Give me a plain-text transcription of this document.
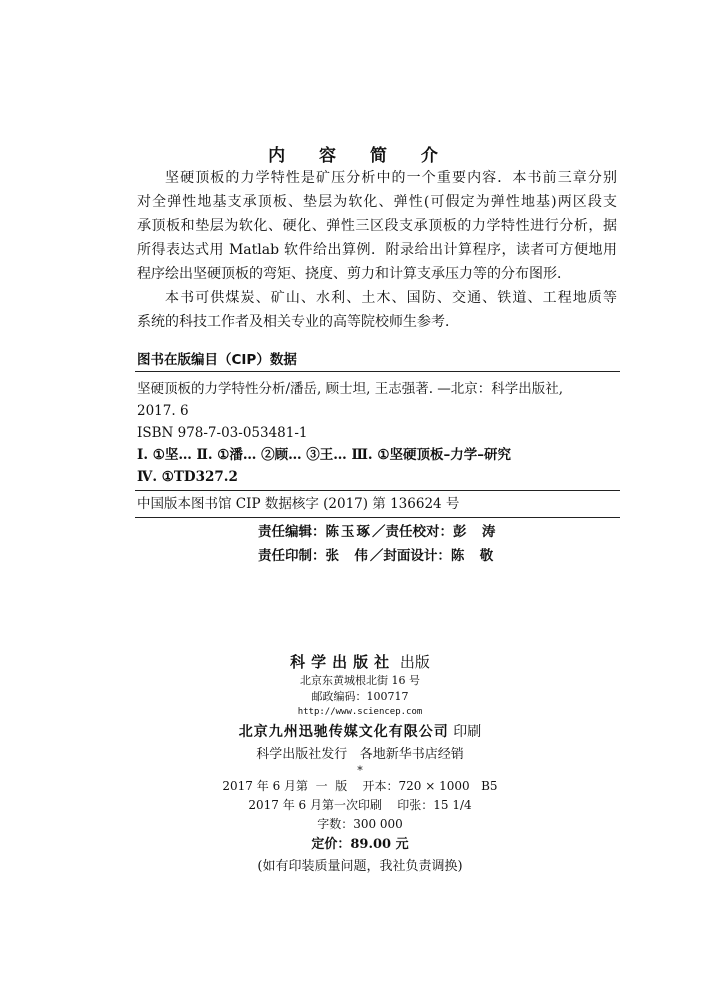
内 容 简 介
坚硬顶板的力学特性是矿压分析中的一个重要内容．本书前三章分别
对全弹性地基支承顶板、垫层为软化、弹性(可假定为弹性地基)两区段支
承顶板和垫层为软化、硬化、弹性三区段支承顶板的力学特性进行分析，据
所得表达式用 Matlab 软件给出算例．附录给出计算程序，读者可方便地用
程序绘出坚硬顶板的弯矩、挠度、剪力和计算支承压力等的分布图形．
本书可供煤炭、矿山、水利、土木、国防、交通、铁道、工程地质等
系统的科技工作者及相关专业的高等院校师生参考．
图书在版编目（CIP）数据
坚硬顶板的力学特性分析/潘岳, 顾士坦, 王志强著. —北京：科学出版社,
2017. 6
ISBN 978-7-03-053481-1
Ⅰ. ①坚… Ⅱ. ①潘… ②顾… ③王… Ⅲ. ①坚硬顶板–力学–研究
Ⅳ. ①TD327.2
中国版本图书馆 CIP 数据核字 (2017) 第 136624 号
责任编辑：陈玉琢／责任校对：彭  涛
责任印制：张  伟／封面设计：陈  敬
科学出版社 出版
北京东黄城根北街 16 号
邮政编码：100717
http://www.sciencep.com
北京九州迅驰传媒文化有限公司 印刷
科学出版社发行   各地新华书店经销
*
2017 年 6 月第  一  版    开本：720 × 1000   B5
2017 年 6 月第一次印刷    印张：15 1/4
字数：300 000
定价：89.00 元
(如有印装质量问题，我社负责调换)
